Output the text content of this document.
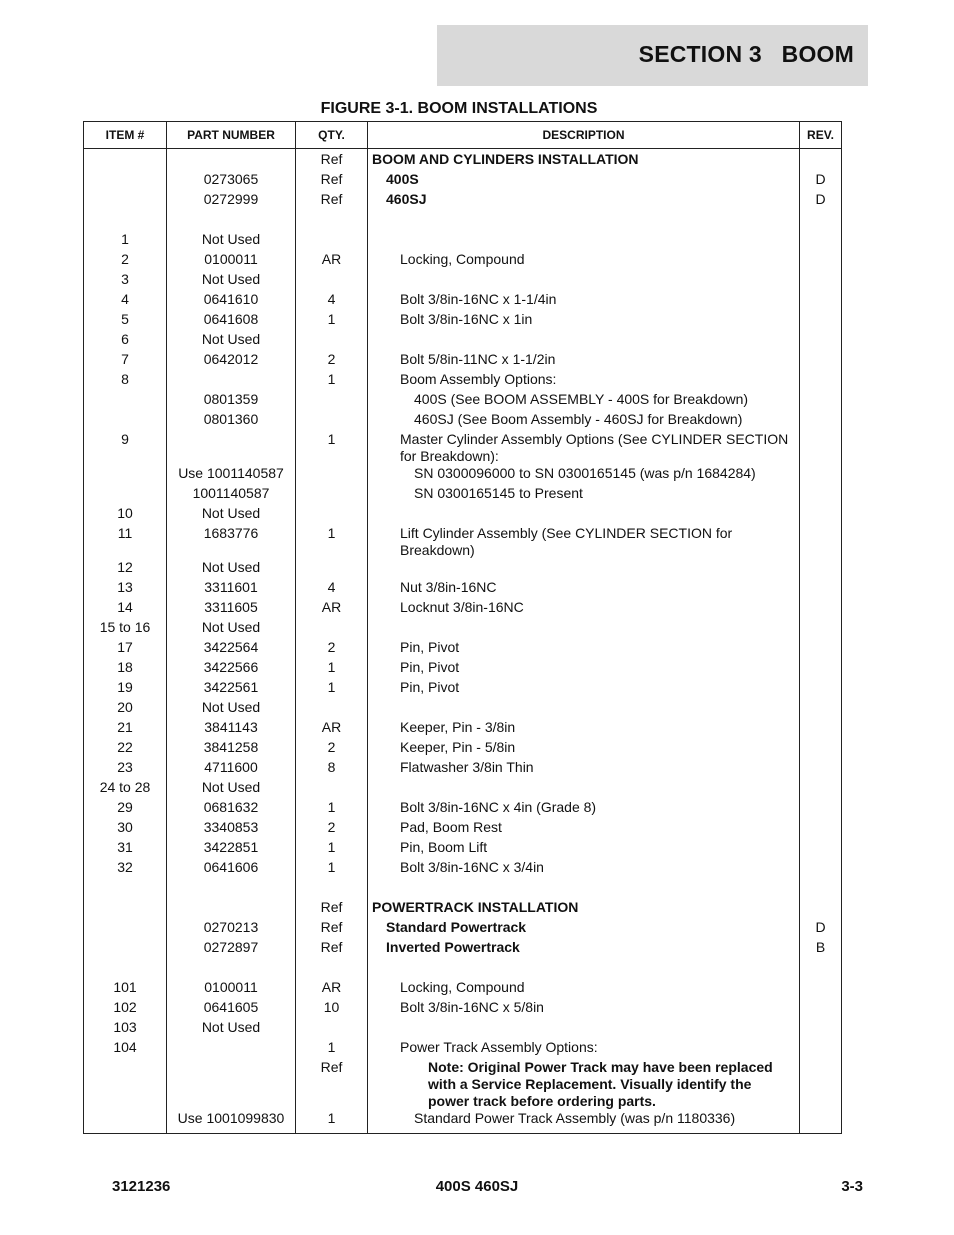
SECTION 3   BOOM
FIGURE 3-1. BOOM INSTALLATIONS
ITEM #	PART NUMBER	QTY.	DESCRIPTION	REV.
		Ref	BOOM AND CYLINDERS INSTALLATION	

	0273065	Ref	400S	D
	0272999	Ref	460SJ	D

1	Not Used		

2	0100011	AR	Locking, Compound	

3	Not Used		

4	0641610	4	Bolt 3/8in-16NC x 1-1/4in	

5	0641608	1	Bolt 3/8in-16NC x 1in	

6	Not Used		

7	0642012	2	Bolt 5/8in-11NC x 1-1/2in	

8		1	Boom Assembly Options:	

	0801359		400S (See BOOM ASSEMBLY - 400S for Breakdown)	

	0801360		460SJ (See Boom Assembly - 460SJ for Breakdown)	

9		1	Master Cylinder Assembly Options (See CYLINDER SECTION for Breakdown):	

	Use 1001140587		SN 0300096000 to SN 0300165145 (was p/n 1684284)	

	1001140587		SN 0300165145 to Present	

10	Not Used		

11	1683776	1	Lift Cylinder Assembly (See CYLINDER SECTION for Breakdown)	

12	Not Used		

13	3311601	4	Nut 3/8in-16NC	

14	3311605	AR	Locknut 3/8in-16NC	

15 to 16	Not Used		

17	3422564	2	Pin, Pivot	

18	3422566	1	Pin, Pivot	

19	3422561	1	Pin, Pivot	

20	Not Used		

21	3841143	AR	Keeper, Pin - 3/8in	

22	3841258	2	Keeper, Pin - 5/8in	

23	4711600	8	Flatwasher 3/8in Thin	

24 to 28	Not Used		

29	0681632	1	Bolt 3/8in-16NC x 4in (Grade 8)	

30	3340853	2	Pad, Boom Rest	

31	3422851	1	Pin, Boom Lift	

32	0641606	1	Bolt 3/8in-16NC x 3/4in	

		Ref	POWERTRACK INSTALLATION	

	0270213	Ref	Standard Powertrack	D
	0272897	Ref	Inverted Powertrack	B

101	0100011	AR	Locking, Compound	

102	0641605	10	Bolt 3/8in-16NC x 5/8in	

103	Not Used		

104		1	Power Track Assembly Options:	

		Ref	Note: Original Power Track may have been replaced with a Service Replacement. Visually identify the power track before ordering parts.	

	Use 1001099830	1	Standard Power Track Assembly (was p/n 1180336)	

3121236	400S 460SJ	3-3
